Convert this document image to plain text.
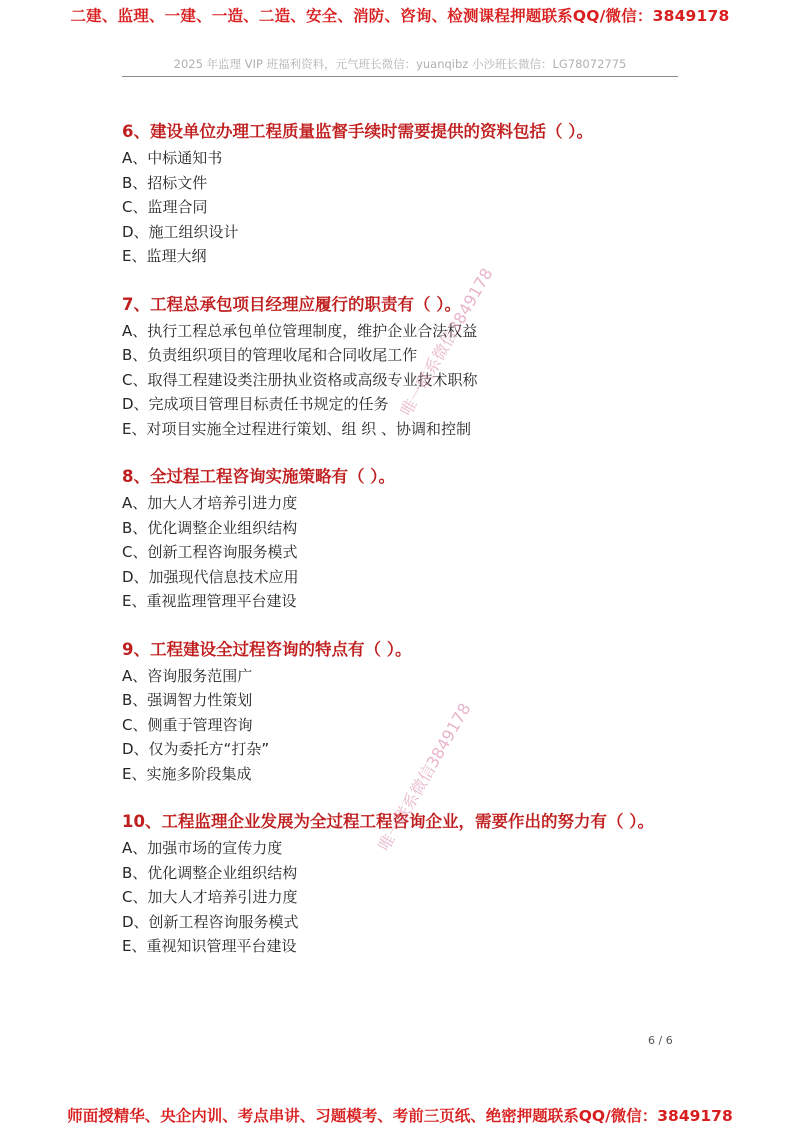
二建、监理、一建、一造、二造、安全、消防、咨询、检测课程押题联系QQ/微信：3849178
2025 年监理 VIP 班福利资料，元气班长微信：yuanqibz 小沙班长微信：LG78072775
6、建设单位办理工程质量监督手续时需要提供的资料包括（ ）。
A、中标通知书
B、招标文件
C、监理合同
D、施工组织设计
E、监理大纲
7、工程总承包项目经理应履行的职责有（ ）。
A、执行工程总承包单位管理制度，维护企业合法权益
B、负责组织项目的管理收尾和合同收尾工作
C、取得工程建设类注册执业资格或高级专业技术职称
D、完成项目管理目标责任书规定的任务
E、对项目实施全过程进行策划、组 织 、协调和控制
8、全过程工程咨询实施策略有（ ）。
A、加大人才培养引进力度
B、优化调整企业组织结构
C、创新工程咨询服务模式
D、加强现代信息技术应用
E、重视监理管理平台建设
9、工程建设全过程咨询的特点有（ ）。
A、咨询服务范围广
B、强调智力性策划
C、侧重于管理咨询
D、仅为委托方“打杂”
E、实施多阶段集成
10、工程监理企业发展为全过程工程咨询企业，需要作出的努力有（ ）。
A、加强市场的宣传力度
B、优化调整企业组织结构
C、加大人才培养引进力度
D、创新工程咨询服务模式
E、重视知识管理平台建设
唯一联系微信3849178
唯一联系微信3849178
6 / 6
师面授精华、央企内训、考点串讲、习题模考、考前三页纸、绝密押题联系QQ/微信：3849178
